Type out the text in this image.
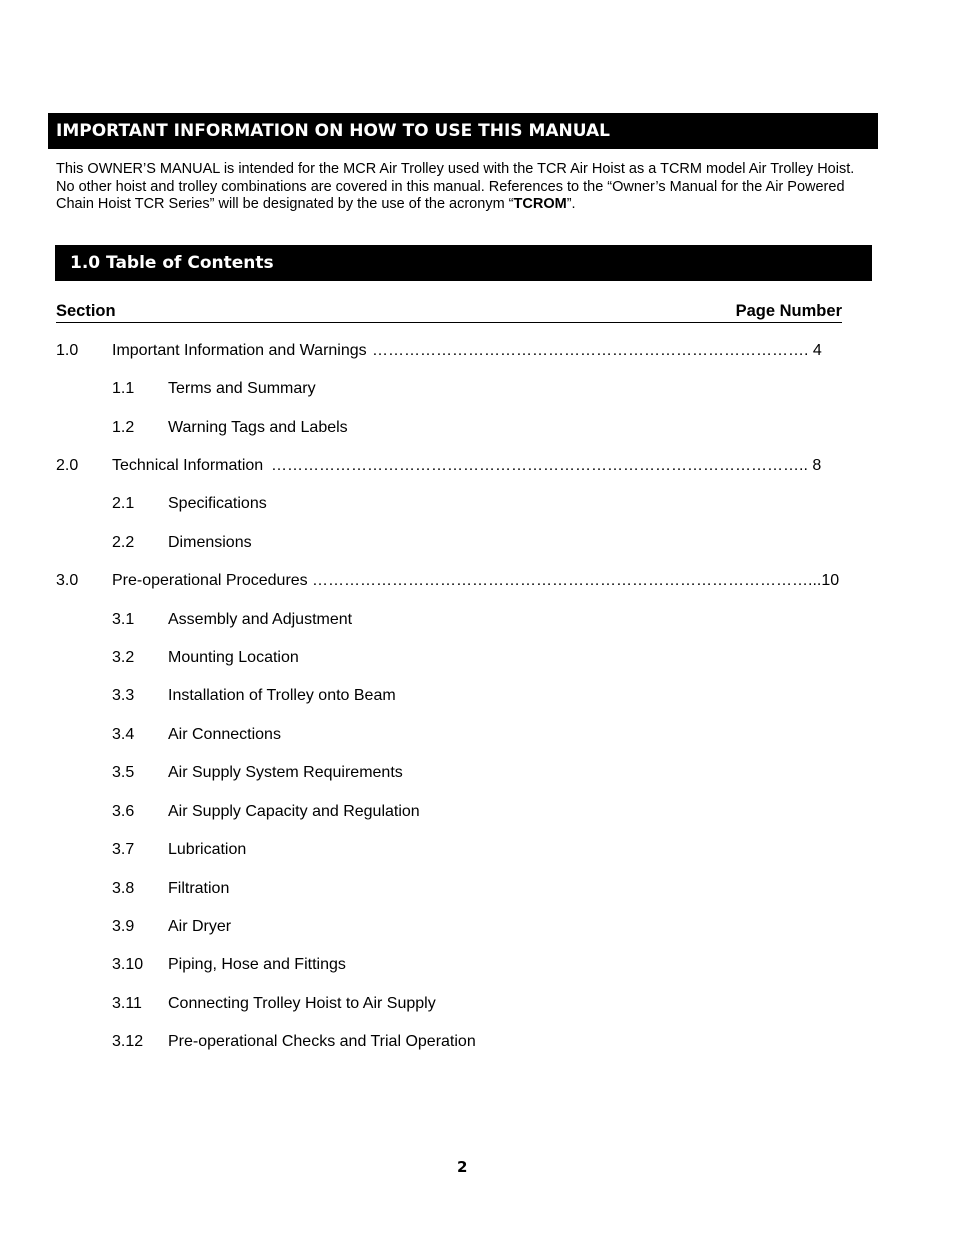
IMPORTANT INFORMATION ON HOW TO USE THIS MANUAL

This OWNER’S MANUAL is intended for the MCR Air Trolley used with the TCR Air Hoist as a TCRM model Air Trolley Hoist. No other hoist and trolley combinations are covered in this manual. References to the “Owner’s Manual for the Air Powered Chain Hoist TCR Series” will be designated by the use of the acronym “TCROM”.

1.0 Table of Contents
Section	Page Number
1.0 Important Information and Warnings ………………………………………………………………………. 4
1.1 Terms and Summary
1.2 Warning Tags and Labels
2.0 Technical Information ……………………………………………………………………………………….. 8
2.1 Specifications
2.2 Dimensions
3.0 Pre-operational Procedures …………………………………………………………………………………...10
3.1 Assembly and Adjustment
3.2 Mounting Location
3.3 Installation of Trolley onto Beam
3.4 Air Connections
3.5 Air Supply System Requirements
3.6 Air Supply Capacity and Regulation
3.7 Lubrication
3.8 Filtration
3.9 Air Dryer
3.10 Piping, Hose and Fittings
3.11 Connecting Trolley Hoist to Air Supply
3.12 Pre-operational Checks and Trial Operation
2
